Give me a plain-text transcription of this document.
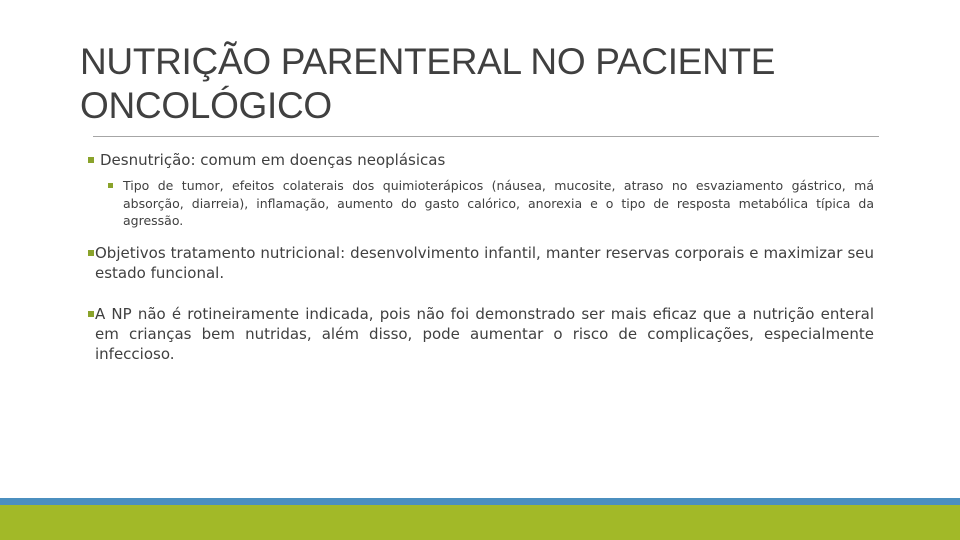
NUTRIÇÃO PARENTERAL NO PACIENTE ONCOLÓGICO
Desnutrição: comum em doenças neoplásicas
Tipo de tumor, efeitos colaterais dos quimioterápicos (náusea, mucosite, atraso no esvaziamento gástrico, má absorção, diarreia), inflamação, aumento do gasto calórico, anorexia e o tipo de resposta metabólica típica da agressão.
Objetivos tratamento nutricional: desenvolvimento infantil, manter reservas corporais e maximizar seu estado funcional.
A NP não é rotineiramente indicada, pois não foi demonstrado ser mais eficaz que a nutrição enteral em crianças bem nutridas, além disso, pode aumentar o risco de complicações, especialmente infeccioso.
